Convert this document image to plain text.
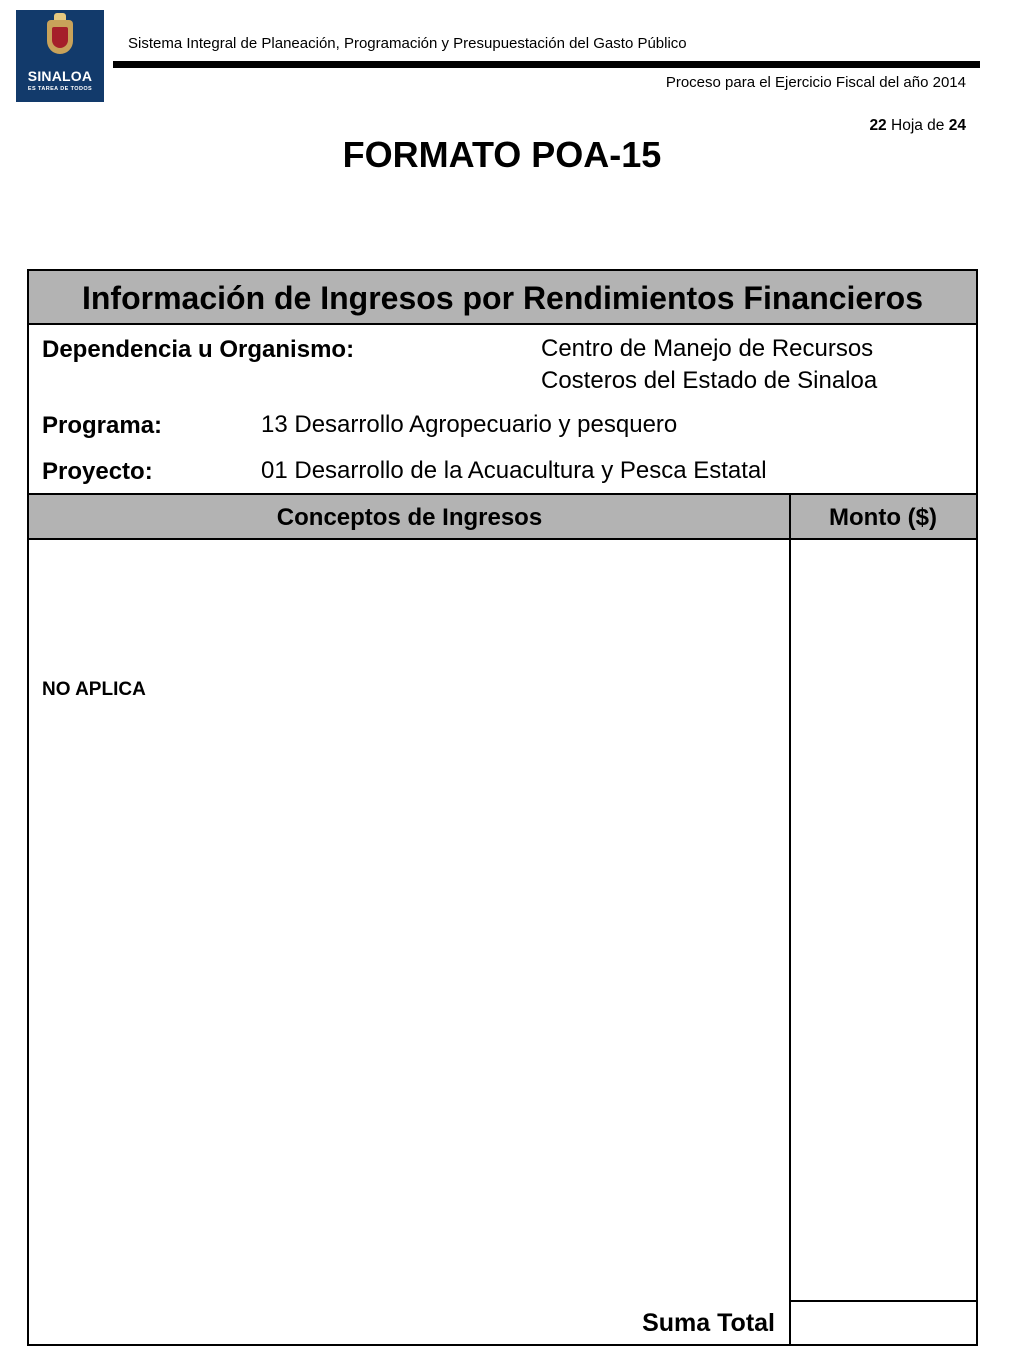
SINALOA
ES TAREA DE TODOS
Sistema Integral de Planeación, Programación y Presupuestación del Gasto Público
Proceso para el Ejercicio Fiscal del año 2014
22 Hoja de 24
FORMATO POA-15
Información de Ingresos por Rendimientos Financieros
Dependencia u Organismo:	Centro de Manejo de Recursos
Costeros del Estado de Sinaloa
Programa:	13 Desarrollo Agropecuario y pesquero
Proyecto:	01 Desarrollo de la Acuacultura y Pesca Estatal
Conceptos de Ingresos	Monto ($)
NO APLICA
Suma Total
